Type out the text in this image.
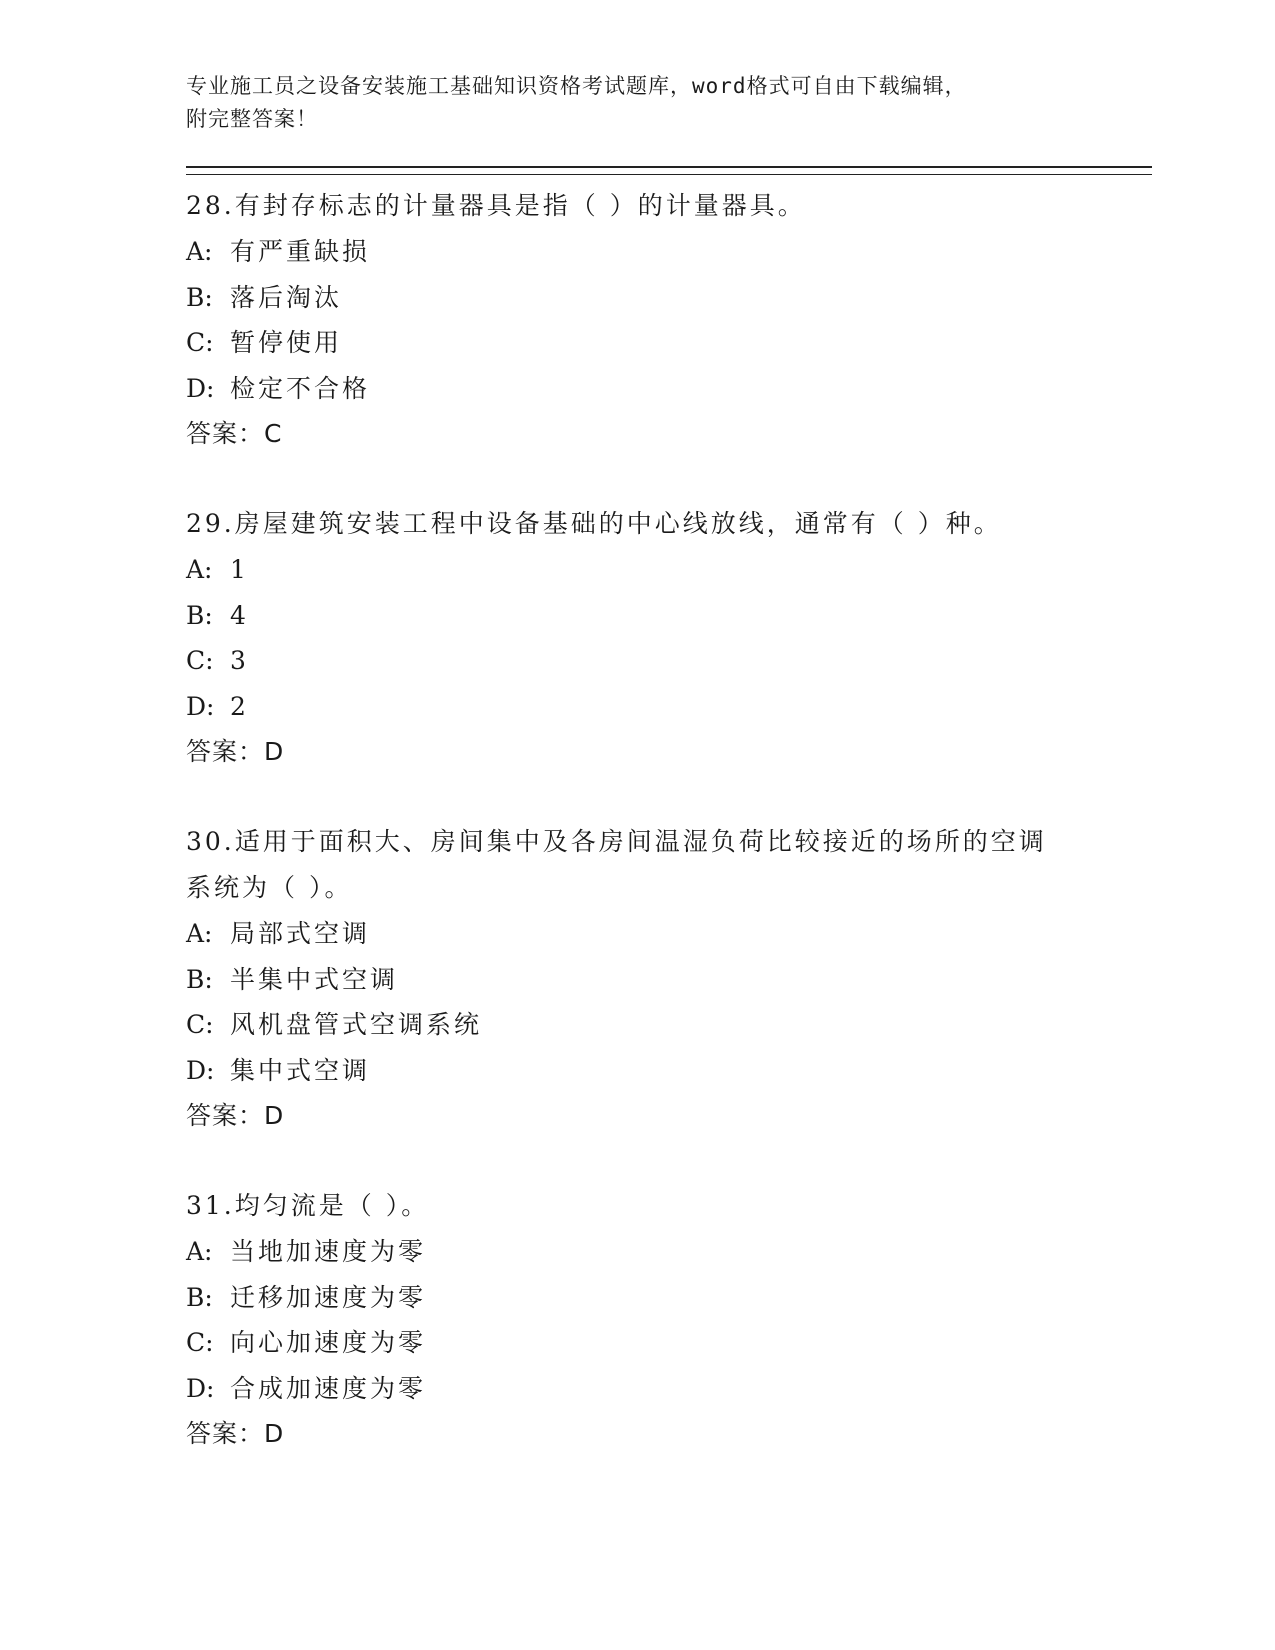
专业施工员之设备安装施工基础知识资格考试题库，word格式可自由下载编辑，
附完整答案！
28.有封存标志的计量器具是指（ ）的计量器具。
A: 有严重缺损
B: 落后淘汰
C: 暂停使用
D: 检定不合格
答案：C
29.房屋建筑安装工程中设备基础的中心线放线，通常有（ ）种。
A: 1
B: 4
C: 3
D: 2
答案：D
30.适用于面积大、房间集中及各房间温湿负荷比较接近的场所的空调系统为（ ）。
A: 局部式空调
B: 半集中式空调
C: 风机盘管式空调系统
D: 集中式空调
答案：D
31.均匀流是（ ）。
A: 当地加速度为零
B: 迁移加速度为零
C: 向心加速度为零
D: 合成加速度为零
答案：D
